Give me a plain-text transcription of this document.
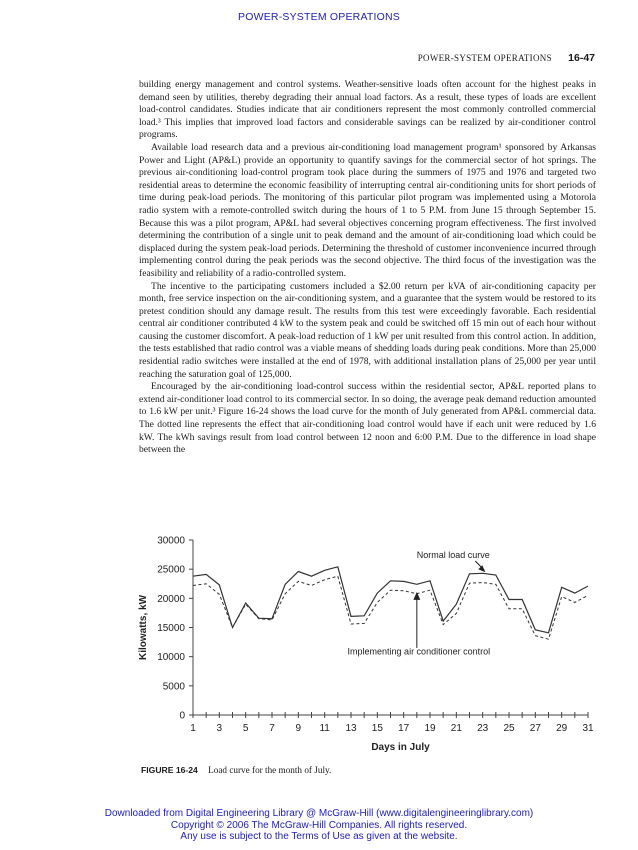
POWER-SYSTEM OPERATIONS
POWER-SYSTEM OPERATIONS 16-47

building energy management and control systems. Weather-sensitive loads often account for the highest peaks in demand seen by utilities, thereby degrading their annual load factors. As a result, these types of loads are excellent load-control candidates. Studies indicate that air conditioners represent the most commonly controlled commercial load.³ This implies that improved load factors and considerable savings can be realized by air-conditioner control programs.

Available load research data and a previous air-conditioning load management program¹ sponsored by Arkansas Power and Light (AP&L) provide an opportunity to quantify savings for the commercial sector of hot springs. The previous air-conditioning load-control program took place during the summers of 1975 and 1976 and targeted two residential areas to determine the economic feasibility of interrupting central air-conditioning units for short periods of time during peak-load periods. The monitoring of this particular pilot program was implemented using a Motorola radio system with a remote-controlled switch during the hours of 1 to 5 P.M. from June 15 through September 15. Because this was a pilot program, AP&L had several objectives concerning program effectiveness. The first involved determining the contribution of a single unit to peak demand and the amount of air-conditioning load which could be displaced during the system peak-load periods. Determining the threshold of customer inconvenience incurred through implementing control during the peak periods was the second objective. The third focus of the investigation was the feasibility and reliability of a radio-controlled system.

The incentive to the participating customers included a $2.00 return per kVA of air-conditioning capacity per month, free service inspection on the air-conditioning system, and a guarantee that the system would be restored to its pretest condition should any damage result. The results from this test were exceedingly favorable. Each residential central air conditioner contributed 4 kW to the system peak and could be switched off 15 min out of each hour without causing the customer discomfort. A peak-load reduction of 1 kW per unit resulted from this control action. In addition, the tests established that radio control was a viable means of shedding loads during peak conditions. More than 25,000 residential radio switches were installed at the end of 1978, with additional installation plans of 25,000 per year until reaching the saturation goal of 125,000.

Encouraged by the air-conditioning load-control success within the residential sector, AP&L reported plans to extend air-conditioner load control to its commercial sector. In so doing, the average peak demand reduction amounted to 1.6 kW per unit.³ Figure 16-24 shows the load curve for the month of July generated from AP&L commercial data. The dotted line represents the effect that air-conditioning load control would have if each unit were reduced by 1.6 kW. The kWh savings result from load control between 12 noon and 6:00 P.M. Due to the difference in load shape between the

0
5000
10000
15000
20000
25000
30000
1 3 5 7 9 11 13 15 17 19 21 23 25 27 29 31
Days in July
Kilowatts, kW
Normal load curve
Implementing air conditioner control
FIGURE 16-24 Load curve for the month of July.
Downloaded from Digital Engineering Library @ McGraw-Hill (www.digitalengineeringlibrary.com)
Copyright © 2006 The McGraw-Hill Companies. All rights reserved.
Any use is subject to the Terms of Use as given at the website.
